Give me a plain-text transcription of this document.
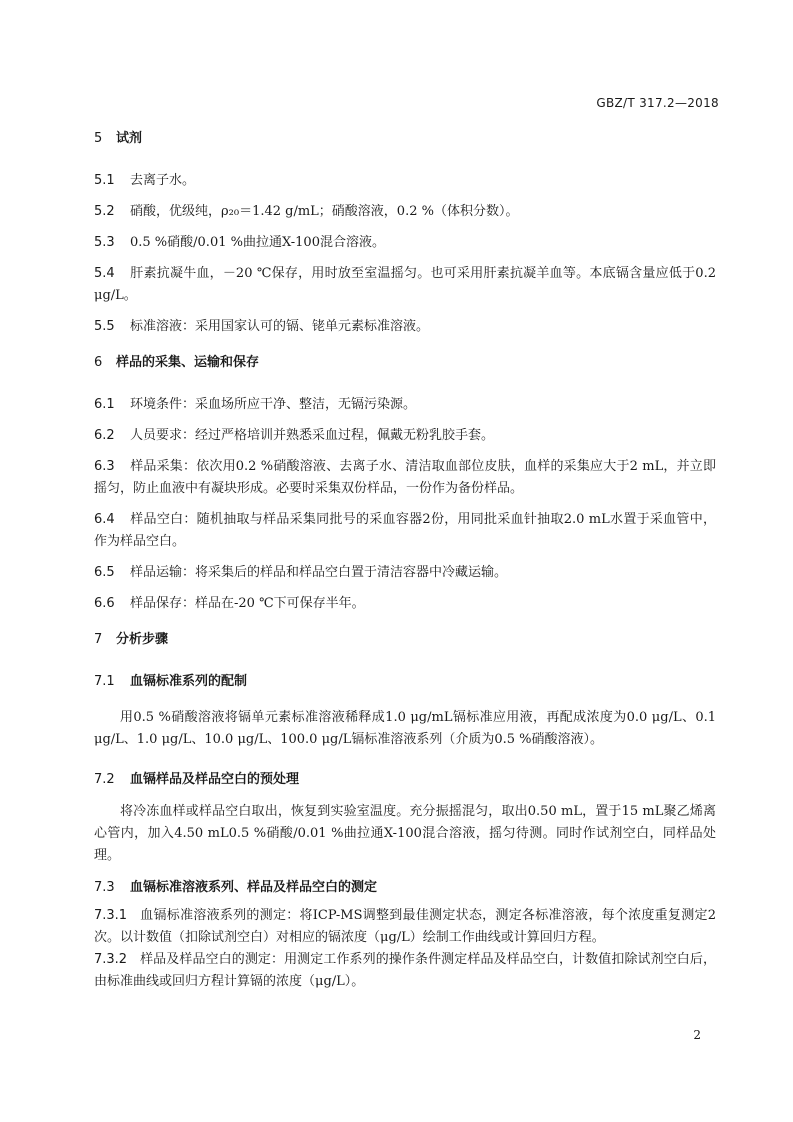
GBZ/T 317.2—2018

5 试剂

5.1 去离子水。

5.2 硝酸，优级纯，ρ₂₀＝1.42 g/mL；硝酸溶液，0.2 %（体积分数）。

5.3 0.5 %硝酸/0.01 %曲拉通X-100混合溶液。

5.4 肝素抗凝牛血，－20 ℃保存，用时放至室温摇匀。也可采用肝素抗凝羊血等。本底镉含量应低于0.2 μg/L。

5.5 标准溶液：采用国家认可的镉、铑单元素标准溶液。

6 样品的采集、运输和保存

6.1 环境条件：采血场所应干净、整洁，无镉污染源。

6.2 人员要求：经过严格培训并熟悉采血过程，佩戴无粉乳胶手套。

6.3 样品采集：依次用0.2 %硝酸溶液、去离子水、清洁取血部位皮肤，血样的采集应大于2 mL，并立即摇匀，防止血液中有凝块形成。必要时采集双份样品，一份作为备份样品。

6.4 样品空白：随机抽取与样品采集同批号的采血容器2份，用同批采血针抽取2.0 mL水置于采血管中，作为样品空白。

6.5 样品运输：将采集后的样品和样品空白置于清洁容器中冷藏运输。

6.6 样品保存：样品在-20 ℃下可保存半年。

7 分析步骤

7.1 血镉标准系列的配制

用0.5 %硝酸溶液将镉单元素标准溶液稀释成1.0 μg/mL镉标准应用液，再配成浓度为0.0 μg/L、0.1 μg/L、1.0 μg/L、10.0 μg/L、100.0 μg/L镉标准溶液系列（介质为0.5 %硝酸溶液）。

7.2 血镉样品及样品空白的预处理

将冷冻血样或样品空白取出，恢复到实验室温度。充分振摇混匀，取出0.50 mL，置于15 mL聚乙烯离心管内，加入4.50 mL0.5 %硝酸/0.01 %曲拉通X-100混合溶液，摇匀待测。同时作试剂空白，同样品处理。

7.3 血镉标准溶液系列、样品及样品空白的测定

7.3.1 血镉标准溶液系列的测定：将ICP-MS调整到最佳测定状态，测定各标准溶液，每个浓度重复测定2次。以计数值（扣除试剂空白）对相应的镉浓度（μg/L）绘制工作曲线或计算回归方程。

7.3.2 样品及样品空白的测定：用测定工作系列的操作条件测定样品及样品空白，计数值扣除试剂空白后，由标准曲线或回归方程计算镉的浓度（μg/L）。

2
